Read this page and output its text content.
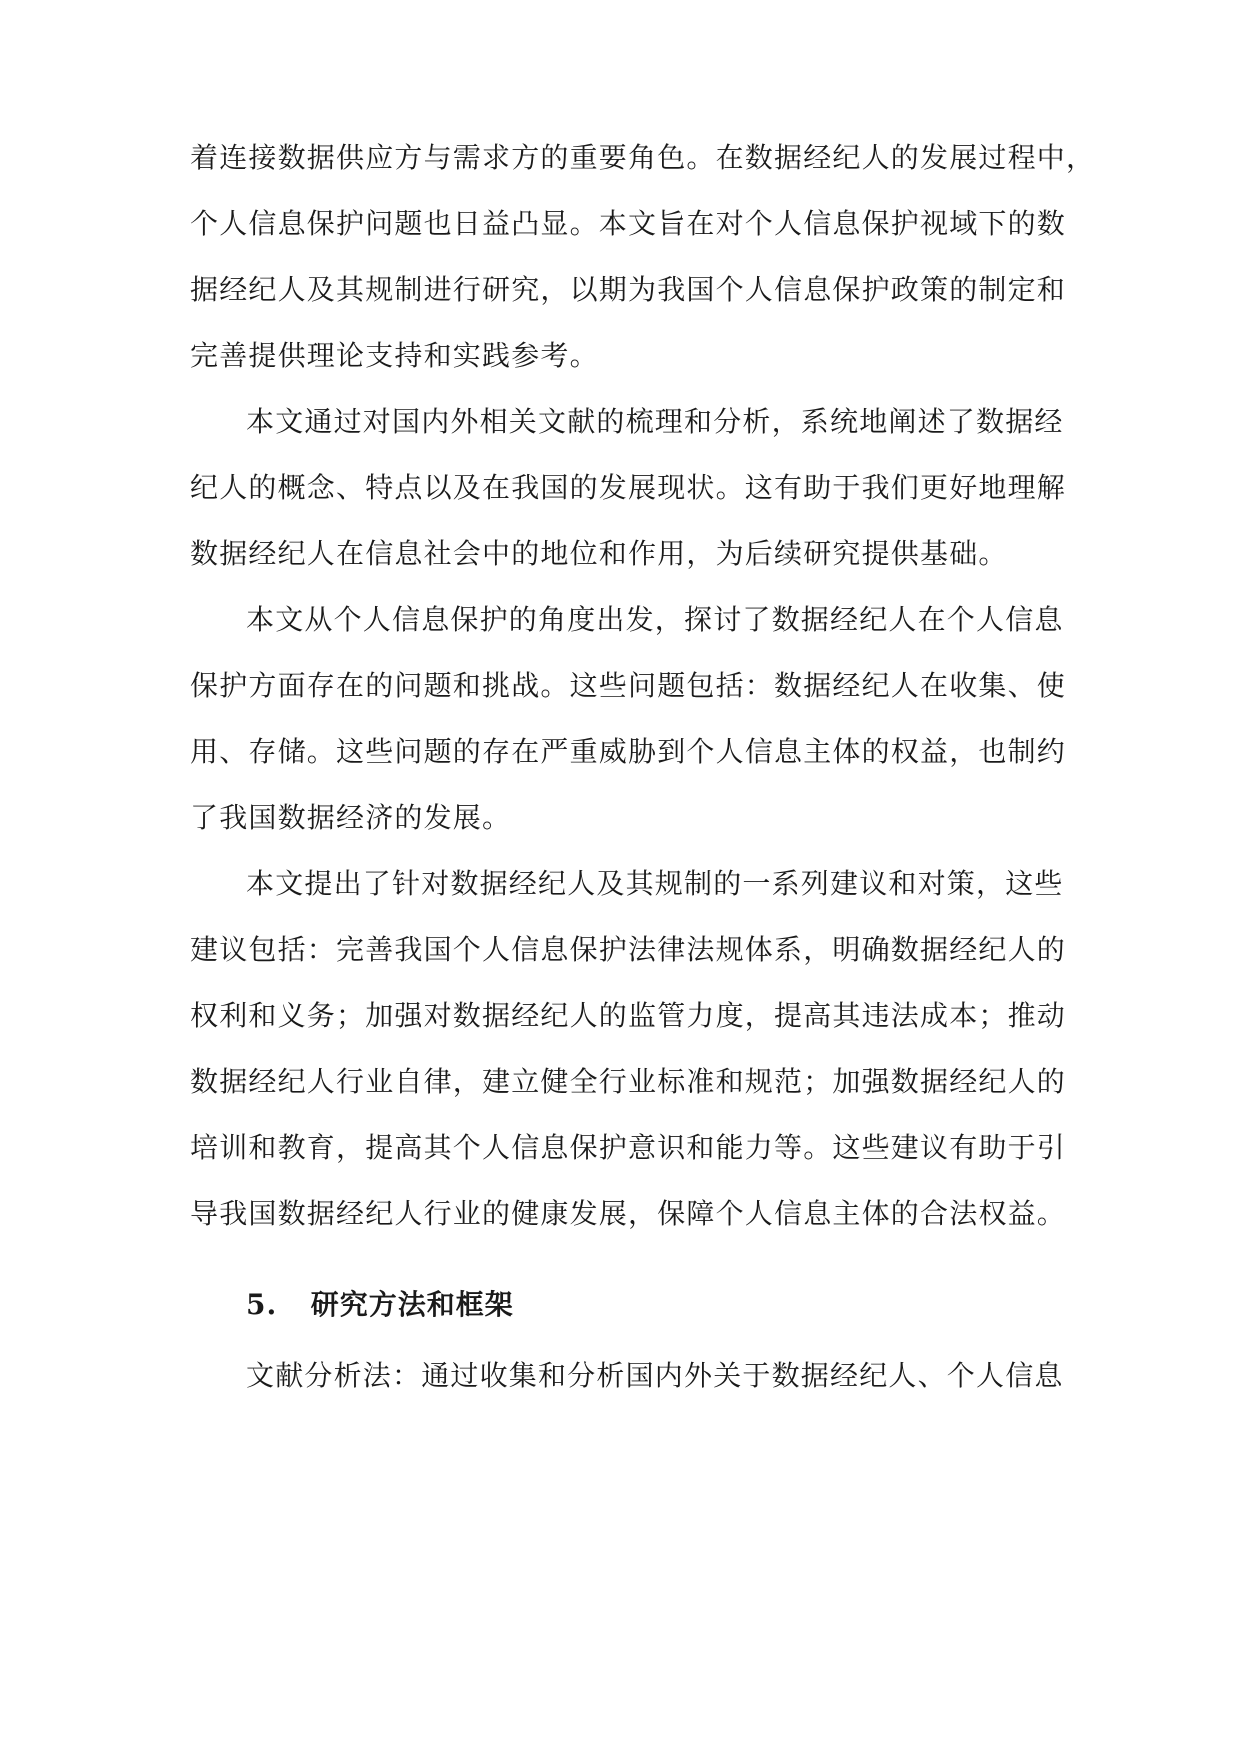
着连接数据供应方与需求方的重要角色。在数据经纪人的发展过程中，
个人信息保护问题也日益凸显。本文旨在对个人信息保护视域下的数
据经纪人及其规制进行研究，以期为我国个人信息保护政策的制定和
完善提供理论支持和实践参考。
本文通过对国内外相关文献的梳理和分析，系统地阐述了数据经
纪人的概念、特点以及在我国的发展现状。这有助于我们更好地理解
数据经纪人在信息社会中的地位和作用，为后续研究提供基础。
本文从个人信息保护的角度出发，探讨了数据经纪人在个人信息
保护方面存在的问题和挑战。这些问题包括：数据经纪人在收集、使
用、存储。这些问题的存在严重威胁到个人信息主体的权益，也制约
了我国数据经济的发展。
本文提出了针对数据经纪人及其规制的一系列建议和对策，这些
建议包括：完善我国个人信息保护法律法规体系，明确数据经纪人的
权利和义务；加强对数据经纪人的监管力度，提高其违法成本；推动
数据经纪人行业自律，建立健全行业标准和规范；加强数据经纪人的
培训和教育，提高其个人信息保护意识和能力等。这些建议有助于引
导我国数据经纪人行业的健康发展，保障个人信息主体的合法权益。
5. 研究方法和框架
文献分析法：通过收集和分析国内外关于数据经纪人、个人信息
